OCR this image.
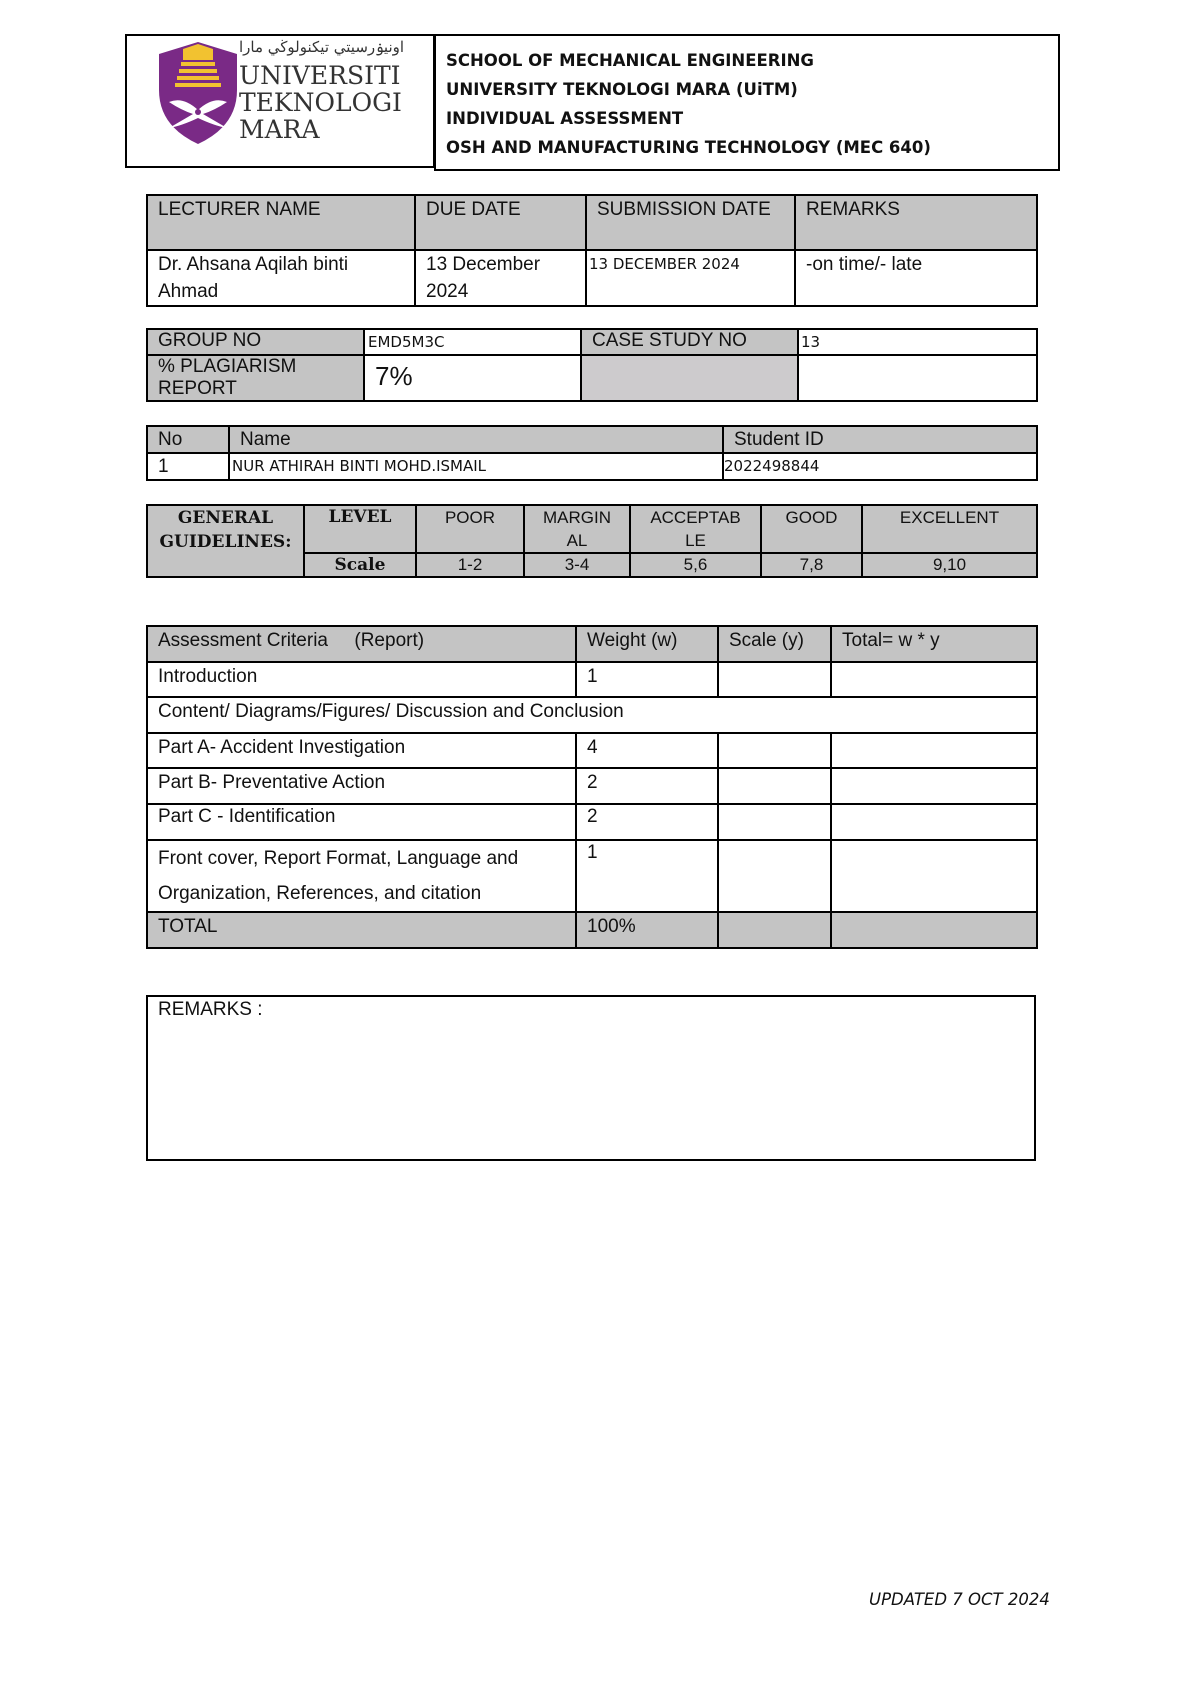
اونيۏرسيتي تيكنولوڬي مارا
UNIVERSITI
TEKNOLOGI
MARA
SCHOOL OF MECHANICAL ENGINEERING
UNIVERSITY TEKNOLOGI MARA (UiTM)
INDIVIDUAL ASSESSMENT
OSH AND MANUFACTURING TECHNOLOGY (MEC 640)
LECTURER NAME	DUE DATE	SUBMISSION DATE	REMARKS
Dr. Ahsana Aqilah binti Ahmad	13 December 2024	13 DECEMBER 2024	-on time/- late
GROUP NO	EMD5M3C	CASE STUDY NO	13
% PLAGIARISM REPORT	7%		
No	Name	Student ID
1	NUR ATHIRAH BINTI MOHD.ISMAIL	2022498844
GENERAL GUIDELINES:	LEVEL	POOR	MARGIN AL	ACCEPTAB LE	GOOD	EXCELLENT
	Scale	1-2	3-4	5,6	7,8	9,10
Assessment Criteria     (Report)	Weight (w)	Scale (y)	Total= w * y
Introduction	1		
Content/ Diagrams/Figures/ Discussion and Conclusion			
Part A- Accident Investigation	4		
Part B- Preventative Action	2		
Part C - Identification	2		
Front cover, Report Format, Language and Organization, References, and citation	1		
TOTAL	100%		
REMARKS :
UPDATED 7 OCT 2024
